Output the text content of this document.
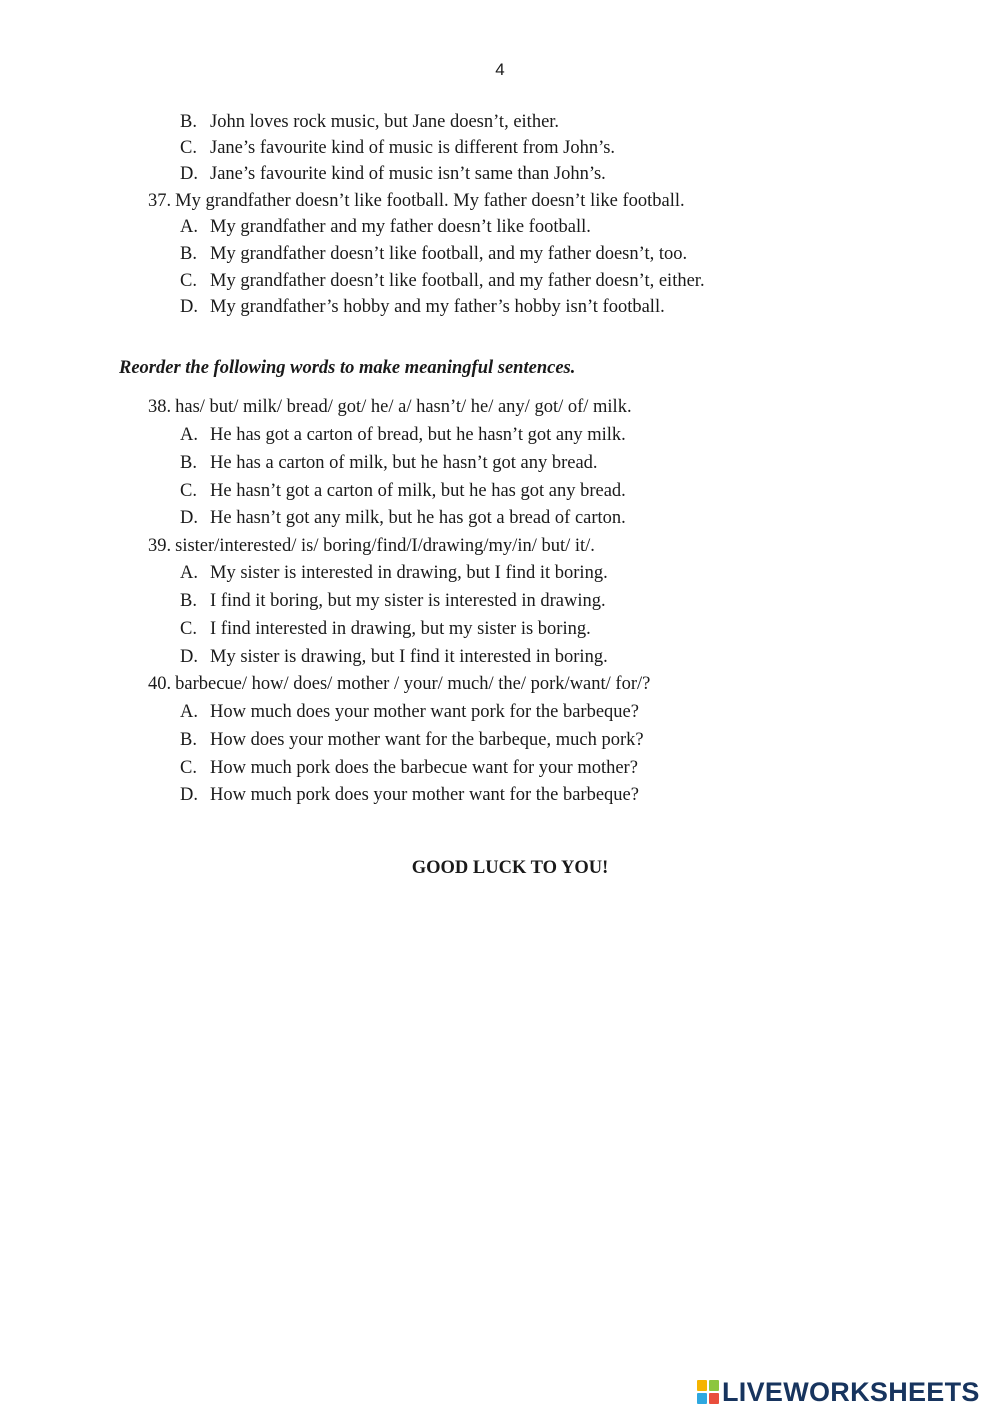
4
B. John loves rock music, but Jane doesn’t, either.
C. Jane’s favourite kind of music is different from John’s.
D. Jane’s favourite kind of music isn’t same than John’s.
37. My grandfather doesn’t like football. My father doesn’t like football.
A. My grandfather and my father doesn’t like football.
B. My grandfather doesn’t like football, and my father doesn’t, too.
C. My grandfather doesn’t like football, and my father doesn’t, either.
D. My grandfather’s hobby and my father’s hobby isn’t football.
Reorder the following words to make meaningful sentences.
38. has/ but/ milk/ bread/ got/ he/ a/ hasn’t/ he/ any/ got/ of/ milk.
A. He has got a carton of bread, but he hasn’t got any milk.
B. He has a carton of milk, but he hasn’t got any bread.
C. He hasn’t got a carton of milk, but he has got any bread.
D. He hasn’t got any milk, but he has got a bread of carton.
39. sister/interested/ is/ boring/find/I/drawing/my/in/ but/ it/.
A. My sister is interested in drawing, but I find it boring.
B. I find it boring, but my sister is interested in drawing.
C. I find interested in drawing, but my sister is boring.
D. My sister is drawing, but I find it interested in boring.
40. barbecue/ how/ does/ mother / your/ much/ the/ pork/want/ for/?
A. How much does your mother want pork for the barbeque?
B. How does your mother want for the barbeque, much pork?
C. How much pork does the barbecue want for your mother?
D. How much pork does your mother want for the barbeque?
GOOD LUCK TO YOU!
LIVEWORKSHEETS
